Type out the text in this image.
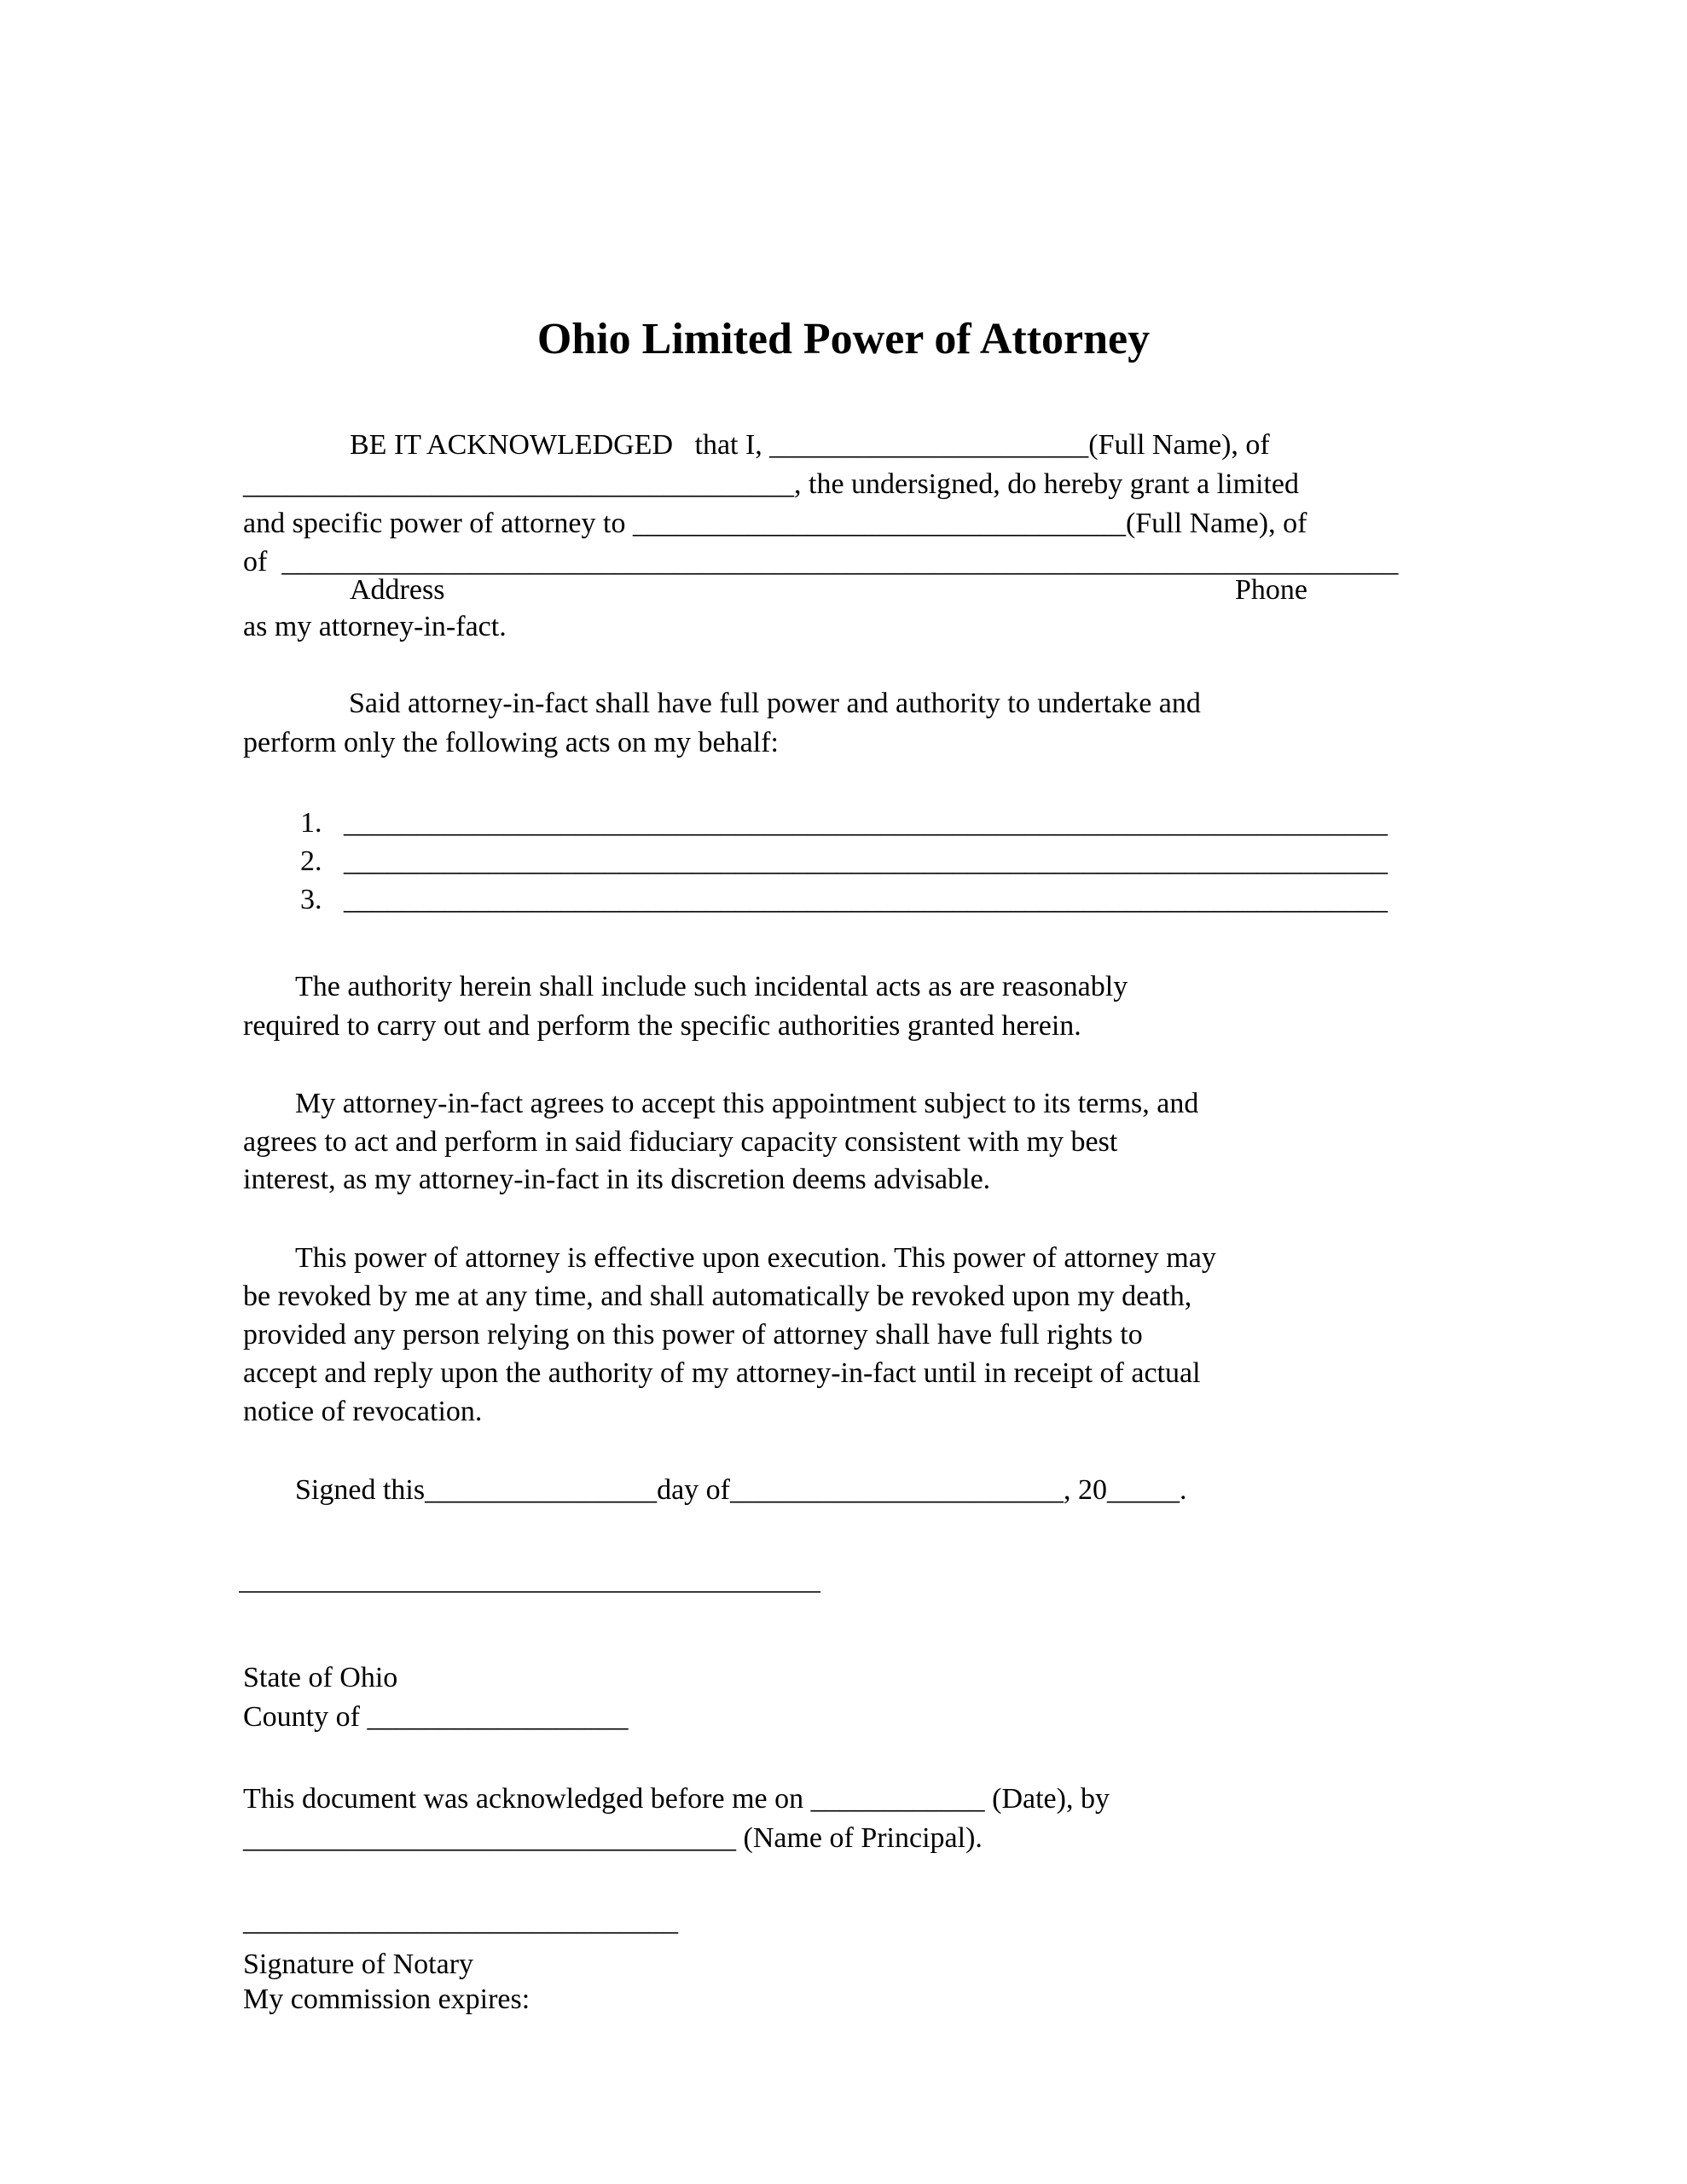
Ohio Limited Power of Attorney
BE IT ACKNOWLEDGED   that I, ______________________(Full Name), of
______________________________________, the undersigned, do hereby grant a limited
and specific power of attorney to __________________________________(Full Name), of
of  _____________________________________________________________________________
Address	Phone
as my attorney-in-fact.
Said attorney-in-fact shall have full power and authority to undertake and
perform only the following acts on my behalf:
1.   ________________________________________________________________________
2.   ________________________________________________________________________
3.   ________________________________________________________________________
The authority herein shall include such incidental acts as are reasonably
required to carry out and perform the specific authorities granted herein.
My attorney-in-fact agrees to accept this appointment subject to its terms, and
agrees to act and perform in said fiduciary capacity consistent with my best
interest, as my attorney-in-fact in its discretion deems advisable.
This power of attorney is effective upon execution. This power of attorney may
be revoked by me at any time, and shall automatically be revoked upon my death,
provided any person relying on this power of attorney shall have full rights to
accept and reply upon the authority of my attorney-in-fact until in receipt of actual
notice of revocation.
Signed this________________day of_______________________, 20_____.
State of Ohio
County of __________________
This document was acknowledged before me on ____________ (Date), by
__________________________________ (Name of Principal).
______________________________
Signature of Notary
My commission expires:
